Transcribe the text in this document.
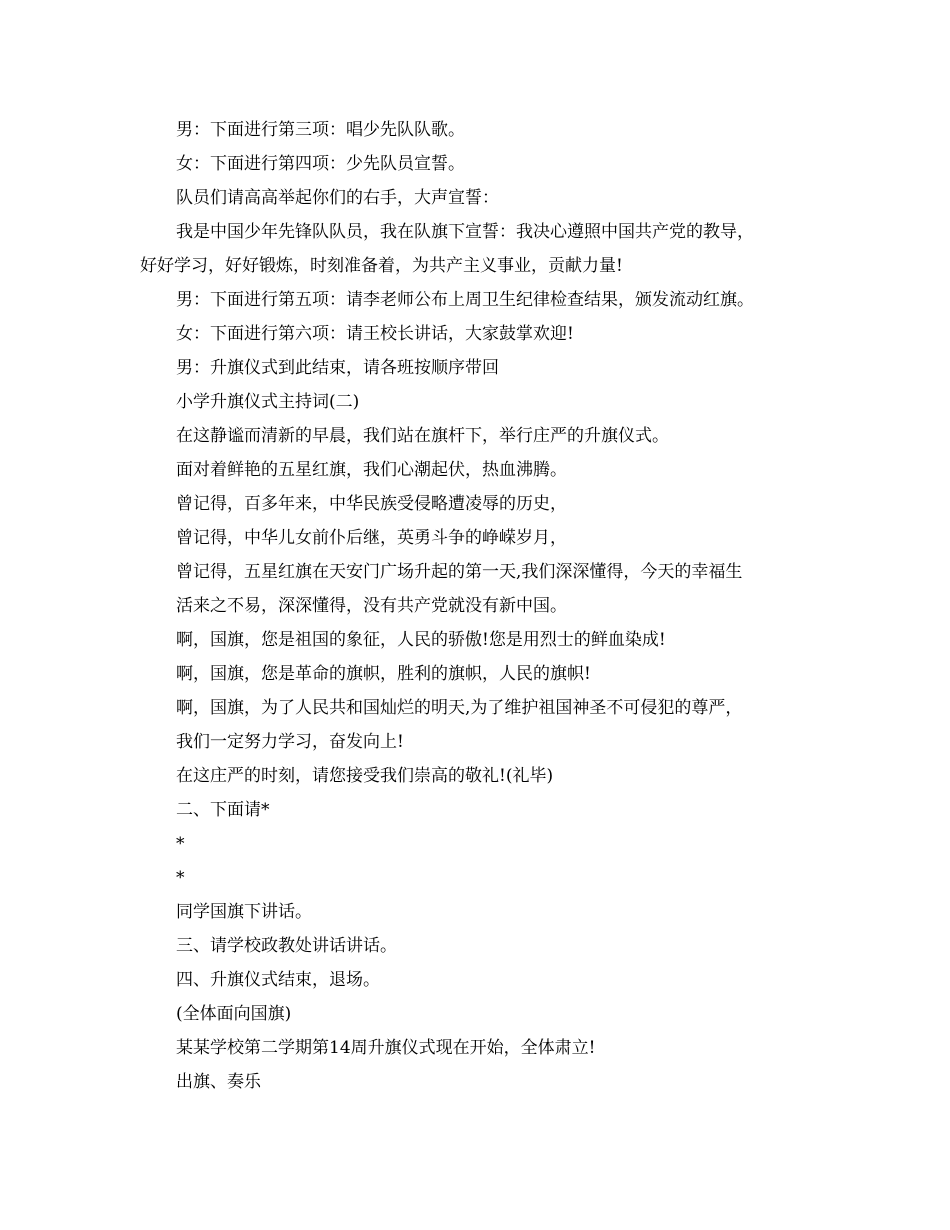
男：下面进行第三项：唱少先队队歌。
女：下面进行第四项：少先队员宣誓。
队员们请高高举起你们的右手，大声宣誓：
我是中国少年先锋队队员，我在队旗下宣誓：我决心遵照中国共产党的教导，
好好学习，好好锻炼，时刻准备着，为共产主义事业，贡献力量!
男：下面进行第五项：请李老师公布上周卫生纪律检查结果，颁发流动红旗。
女：下面进行第六项：请王校长讲话，大家鼓掌欢迎!
男：升旗仪式到此结束，请各班按顺序带回
小学升旗仪式主持词(二)
在这静谧而清新的早晨，我们站在旗杆下，举行庄严的升旗仪式。
面对着鲜艳的五星红旗，我们心潮起伏，热血沸腾。
曾记得，百多年来，中华民族受侵略遭凌辱的历史，
曾记得，中华儿女前仆后继，英勇斗争的峥嵘岁月，
曾记得，五星红旗在天安门广场升起的第一天,我们深深懂得，今天的幸福生
活来之不易，深深懂得，没有共产党就没有新中国。
啊，国旗，您是祖国的象征，人民的骄傲!您是用烈士的鲜血染成!
啊，国旗，您是革命的旗帜，胜利的旗帜，人民的旗帜!
啊，国旗，为了人民共和国灿烂的明天,为了维护祖国神圣不可侵犯的尊严，
我们一定努力学习，奋发向上!
在这庄严的时刻，请您接受我们崇高的敬礼!(礼毕)
二、下面请*
*
*
同学国旗下讲话。
三、请学校政教处讲话讲话。
四、升旗仪式结束，退场。
(全体面向国旗)
某某学校第二学期第14周升旗仪式现在开始，全体肃立!
出旗、奏乐
